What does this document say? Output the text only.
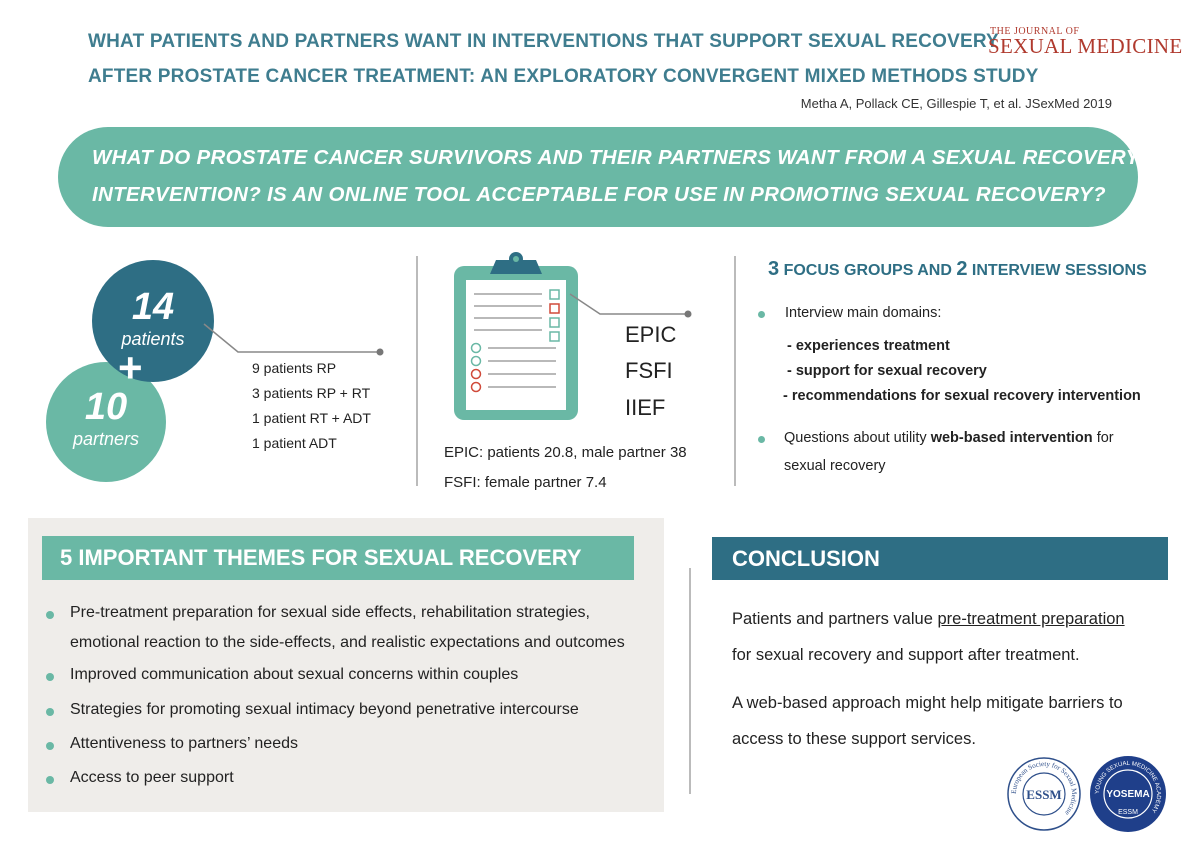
WHAT PATIENTS AND PARTNERS WANT IN INTERVENTIONS THAT SUPPORT SEXUAL RECOVERY
AFTER PROSTATE CANCER TREATMENT: AN EXPLORATORY CONVERGENT MIXED METHODS STUDY
THE JOURNAL OF
SEXUAL MEDICINE
Metha A, Pollack CE, Gillespie T, et al. JSexMed 2019
WHAT DO PROSTATE CANCER SURVIVORS AND THEIR PARTNERS WANT FROM A SEXUAL RECOVERY
INTERVENTION? IS AN ONLINE TOOL ACCEPTABLE FOR USE IN PROMOTING SEXUAL RECOVERY?
10
partners
14
patients
+	9 patients RP
3 patients RP + RT
1 patient RT + ADT
1 patient ADT
EPIC
FSFI
IIEF
EPIC: patients 20.8, male partner 38
FSFI: female partner 7.4
3 FOCUS GROUPS AND 2 INTERVIEW SESSIONS
Interview main domains:
- experiences treatment
- support for sexual recovery
- recommendations for sexual recovery intervention
Questions about utility web-based intervention for
sexual recovery
5 IMPORTANT THEMES FOR SEXUAL RECOVERY
Pre-treatment preparation for sexual side effects, rehabilitation strategies,
emotional reaction to the side-effects, and realistic expectations and outcomes
Improved communication about sexual concerns within couples
Strategies for promoting sexual intimacy beyond penetrative intercourse
Attentiveness to partners’ needs
Access to peer support
CONCLUSION
Patients and partners value pre-treatment preparation
for sexual recovery and support after treatment.
A web-based approach might help mitigate barriers to
access to these support services.
European Society for Sexual Medicine
ESSM	YOUNG SEXUAL MEDICINE ACADEMY
YOSEMA
ESSM
